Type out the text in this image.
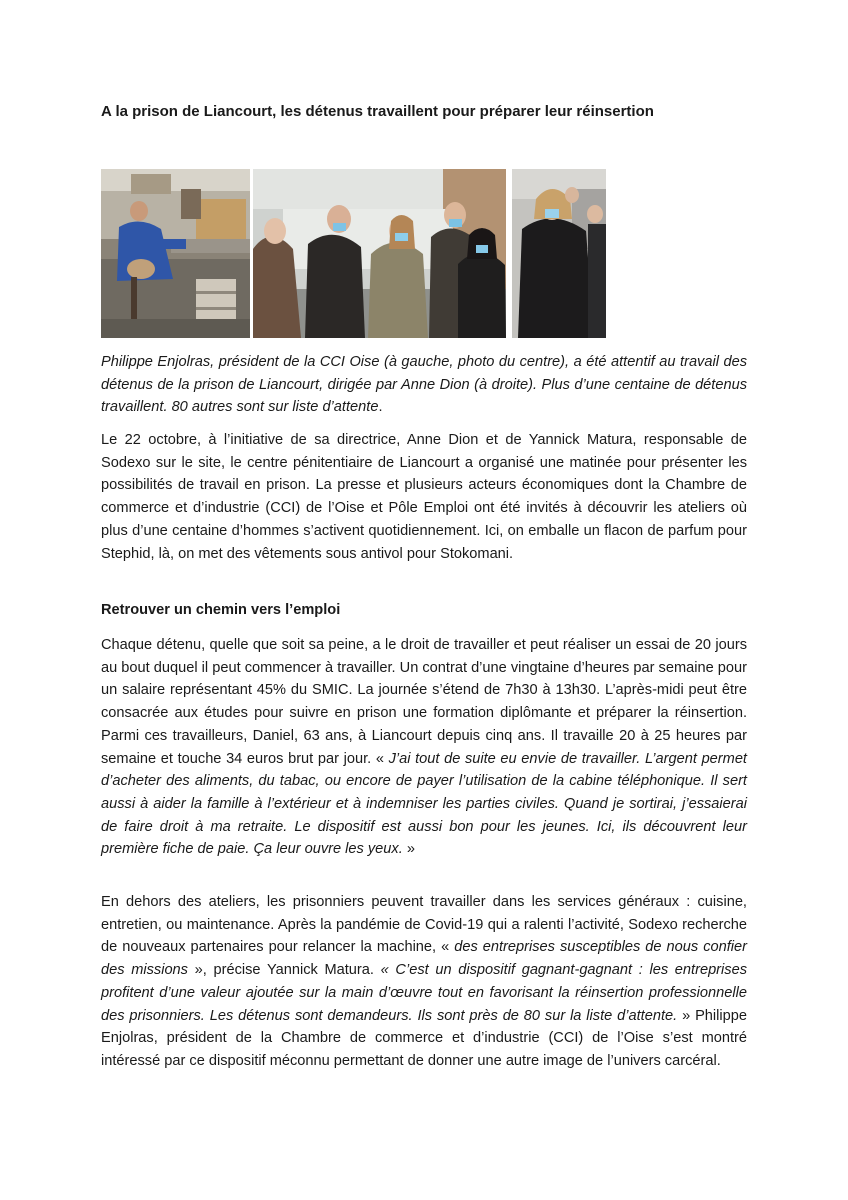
A la prison de Liancourt, les détenus travaillent pour préparer leur réinsertion
Philippe Enjolras, président de la CCI Oise (à gauche, photo du centre), a été attentif au travail des détenus de la prison de Liancourt, dirigée par Anne Dion (à droite). Plus d’une centaine de détenus travaillent. 80 autres sont sur liste d’attente.
Le 22 octobre, à l’initiative de sa directrice, Anne Dion et de Yannick Matura, responsable de Sodexo sur le site, le centre pénitentiaire de Liancourt a organisé une matinée pour présenter les possibilités de travail en prison. La presse et plusieurs acteurs économiques dont la Chambre de commerce et d’industrie (CCI) de l’Oise et Pôle Emploi ont été invités à découvrir les ateliers où plus d’une centaine d’hommes s’activent quotidiennement. Ici, on emballe un flacon de parfum pour Stephid, là, on met des vêtements sous antivol pour Stokomani.
Retrouver un chemin vers l’emploi
Chaque détenu, quelle que soit sa peine, a le droit de travailler et peut réaliser un essai de 20 jours au bout duquel il peut commencer à travailler. Un contrat d’une vingtaine d’heures par semaine pour un salaire représentant 45% du SMIC. La journée s’étend de 7h30 à 13h30. L’après-midi peut être consacrée aux études pour suivre en prison une formation diplômante et préparer la réinsertion. Parmi ces travailleurs, Daniel, 63 ans, à Liancourt depuis cinq ans. Il travaille 20 à 25 heures par semaine et touche 34 euros brut par jour. « J’ai tout de suite eu envie de travailler. L’argent permet d’acheter des aliments, du tabac, ou encore de payer l’utilisation de la cabine téléphonique. Il sert aussi à aider la famille à l’extérieur et à indemniser les parties civiles. Quand je sortirai, j’essaierai de faire droit à ma retraite. Le dispositif est aussi bon pour les jeunes. Ici, ils découvrent leur première fiche de paie. Ça leur ouvre les yeux. »
En dehors des ateliers, les prisonniers peuvent travailler dans les services généraux : cuisine, entretien, ou maintenance. Après la pandémie de Covid-19 qui a ralenti l’activité, Sodexo recherche de nouveaux partenaires pour relancer la machine, « des entreprises susceptibles de nous confier des missions », précise Yannick Matura. « C’est un dispositif gagnant-gagnant : les entreprises profitent d’une valeur ajoutée sur la main d’œuvre tout en favorisant la réinsertion professionnelle des prisonniers. Les détenus sont demandeurs. Ils sont près de 80 sur la liste d’attente. » Philippe Enjolras, président de la Chambre de commerce et d’industrie (CCI) de l’Oise s’est montré intéressé par ce dispositif méconnu permettant de donner une autre image de l’univers carcéral.
